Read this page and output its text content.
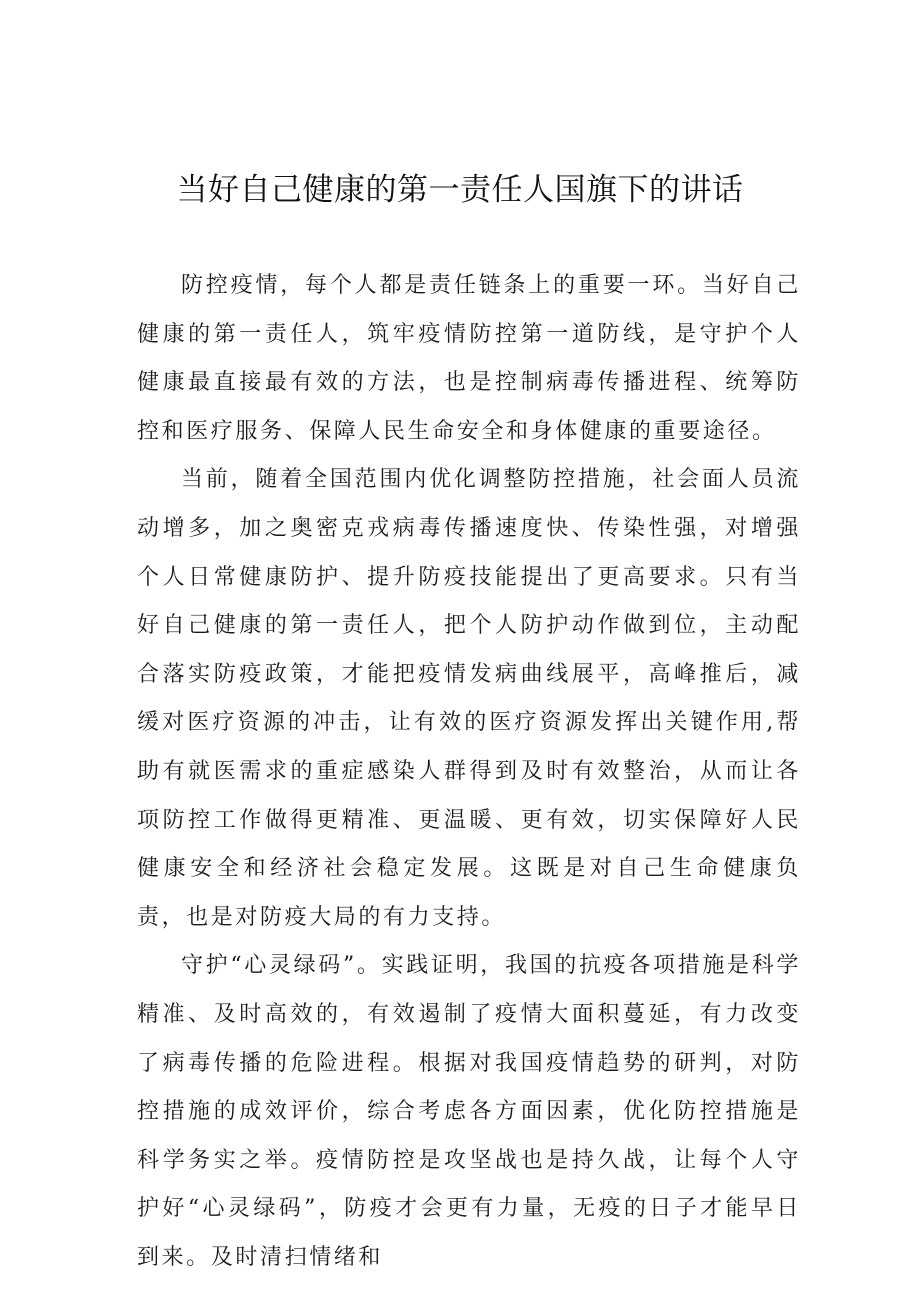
当好自己健康的第一责任人国旗下的讲话

防控疫情，每个人都是责任链条上的重要一环。当好自己健康的第一责任人，筑牢疫情防控第一道防线，是守护个人健康最直接最有效的方法，也是控制病毒传播进程、统筹防控和医疗服务、保障人民生命安全和身体健康的重要途径。

当前，随着全国范围内优化调整防控措施，社会面人员流动增多，加之奥密克戎病毒传播速度快、传染性强，对增强个人日常健康防护、提升防疫技能提出了更高要求。只有当好自己健康的第一责任人，把个人防护动作做到位，主动配合落实防疫政策，才能把疫情发病曲线展平，高峰推后，减缓对医疗资源的冲击，让有效的医疗资源发挥出关键作用,帮助有就医需求的重症感染人群得到及时有效整治，从而让各项防控工作做得更精准、更温暖、更有效，切实保障好人民健康安全和经济社会稳定发展。这既是对自己生命健康负责，也是对防疫大局的有力支持。

守护“心灵绿码”。实践证明，我国的抗疫各项措施是科学精准、及时高效的，有效遏制了疫情大面积蔓延，有力改变了病毒传播的危险进程。根据对我国疫情趋势的研判，对防控措施的成效评价，综合考虑各方面因素，优化防控措施是科学务实之举。疫情防控是攻坚战也是持久战，让每个人守护好“心灵绿码”，防疫才会更有力量，无疫的日子才能早日到来。及时清扫情绪和
